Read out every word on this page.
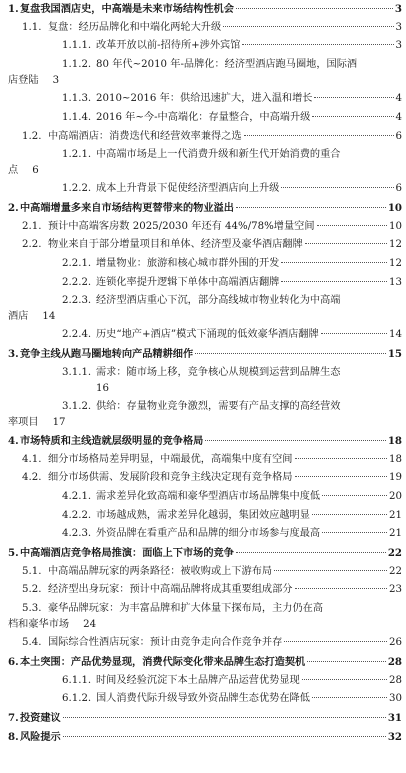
1. 复盘我国酒店史，中高端是未来市场结构性机会	3
1.1. 复盘：经历品牌化和中端化两轮大升级	3
1.1.1. 改革开放以前-招待所+涉外宾馆	3
1.1.2. 80 年代~2010 年-品牌化：经济型酒店跑马圈地，国际酒
店登陆 3
1.1.3. 2010~2016 年：供给迅速扩大，进入温和增长	4
1.1.4. 2016 年~今-中高端化：存量整合，中高端升级	4
1.2. 中高端酒店：消费迭代和经营效率兼得之选	6
1.2.1. 中高端市场是上一代消费升级和新生代开始消费的重合
点 6
1.2.2. 成本上升背景下促使经济型酒店向上升级	6
2. 中高端增量多来自市场结构更替带来的物业溢出	10
2.1. 预计中高端客房数 2025/2030 年还有 44%/78%增量空间	10
2.2. 物业来自于部分增量项目和单体、经济型及豪华酒店翻牌	12
2.2.1. 增量物业：旅游和核心城市群外围的开发	12
2.2.2. 连锁化率提升逻辑下单体中高端酒店翻牌	13
2.2.3. 经济型酒店重心下沉，部分高线城市物业转化为中高端
酒店 14
2.2.4. 历史“地产+酒店”模式下涌现的低效豪华酒店翻牌	14
3. 竞争主线从跑马圈地转向产品精耕细作	15
3.1.1. 需求：随市场上移，竞争核心从规模到运营到品牌生态
16
3.1.2. 供给：存量物业竞争激烈，需要有产品支撑的高经营效
率项目 17
4. 市场特质和主线造就层级明显的竞争格局	18
4.1. 细分市场格局差异明显，中端最优，高端集中度有空间	18
4.2. 细分市场供需、发展阶段和竞争主线决定现有竞争格局	19
4.2.1. 需求差异化致高端和豪华型酒店市场品牌集中度低	20
4.2.2. 市场越成熟，需求差异化越弱，集团效应越明显	21
4.2.3. 外资品牌在看重产品和品牌的细分市场参与度最高	21
5. 中高端酒店竞争格局推演：面临上下市场的竞争	22
5.1. 中高端品牌玩家的两条路径：被收购或上下游布局	22
5.2. 经济型出身玩家：预计中高端品牌将成其重要组成部分	23
5.3. 豪华品牌玩家：为丰富品牌和扩大体量下探布局，主力仍在高
档和豪华市场 24
5.4. 国际综合性酒店玩家：预计由竞争走向合作竞争并存	26
6. 本土突围：产品优势显现，消费代际变化带来品牌生态打造契机	28
6.1.1. 时间及经验沉淀下本土品牌产品运营优势显现	28
6.1.2. 国人消费代际升级导致外资品牌生态优势在降低	30
7. 投资建议	31
8. 风险提示	32
